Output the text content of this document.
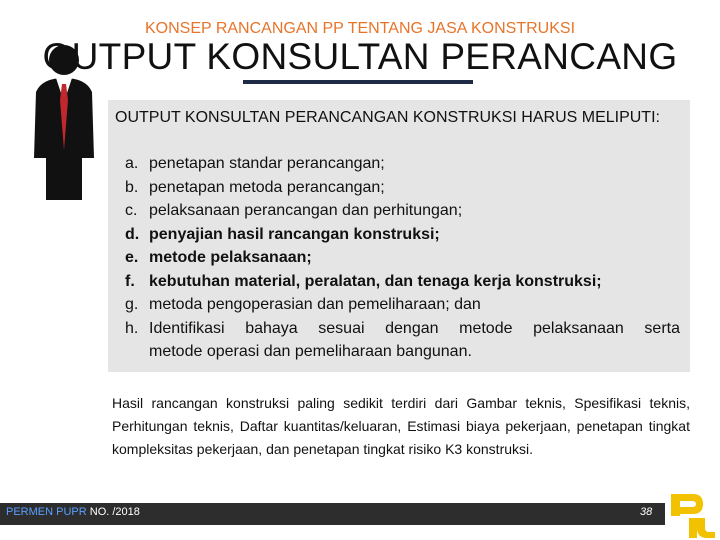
KONSEP RANCANGAN PP TENTANG JASA KONSTRUKSI
OUTPUT KONSULTAN PERANCANG
OUTPUT KONSULTAN PERANCANGAN KONSTRUKSI HARUS MELIPUTI:
a. penetapan standar perancangan;
b. penetapan metoda perancangan;
c. pelaksanaan perancangan dan perhitungan;
d. penyajian hasil rancangan konstruksi;
e. metode pelaksanaan;
f. kebutuhan material, peralatan, dan tenaga kerja konstruksi;
g. metoda pengoperasian dan pemeliharaan; dan
h. Identifikasi bahaya sesuai dengan metode pelaksanaan serta
metode operasi dan pemeliharaan bangunan.
Hasil rancangan konstruksi paling sedikit terdiri dari Gambar teknis, Spesifikasi teknis, Perhitungan teknis, Daftar kuantitas/keluaran, Estimasi biaya pekerjaan, penetapan tingkat kompleksitas pekerjaan, dan penetapan tingkat risiko K3 konstruksi.
PERMEN PUPR NO. /2018	38
